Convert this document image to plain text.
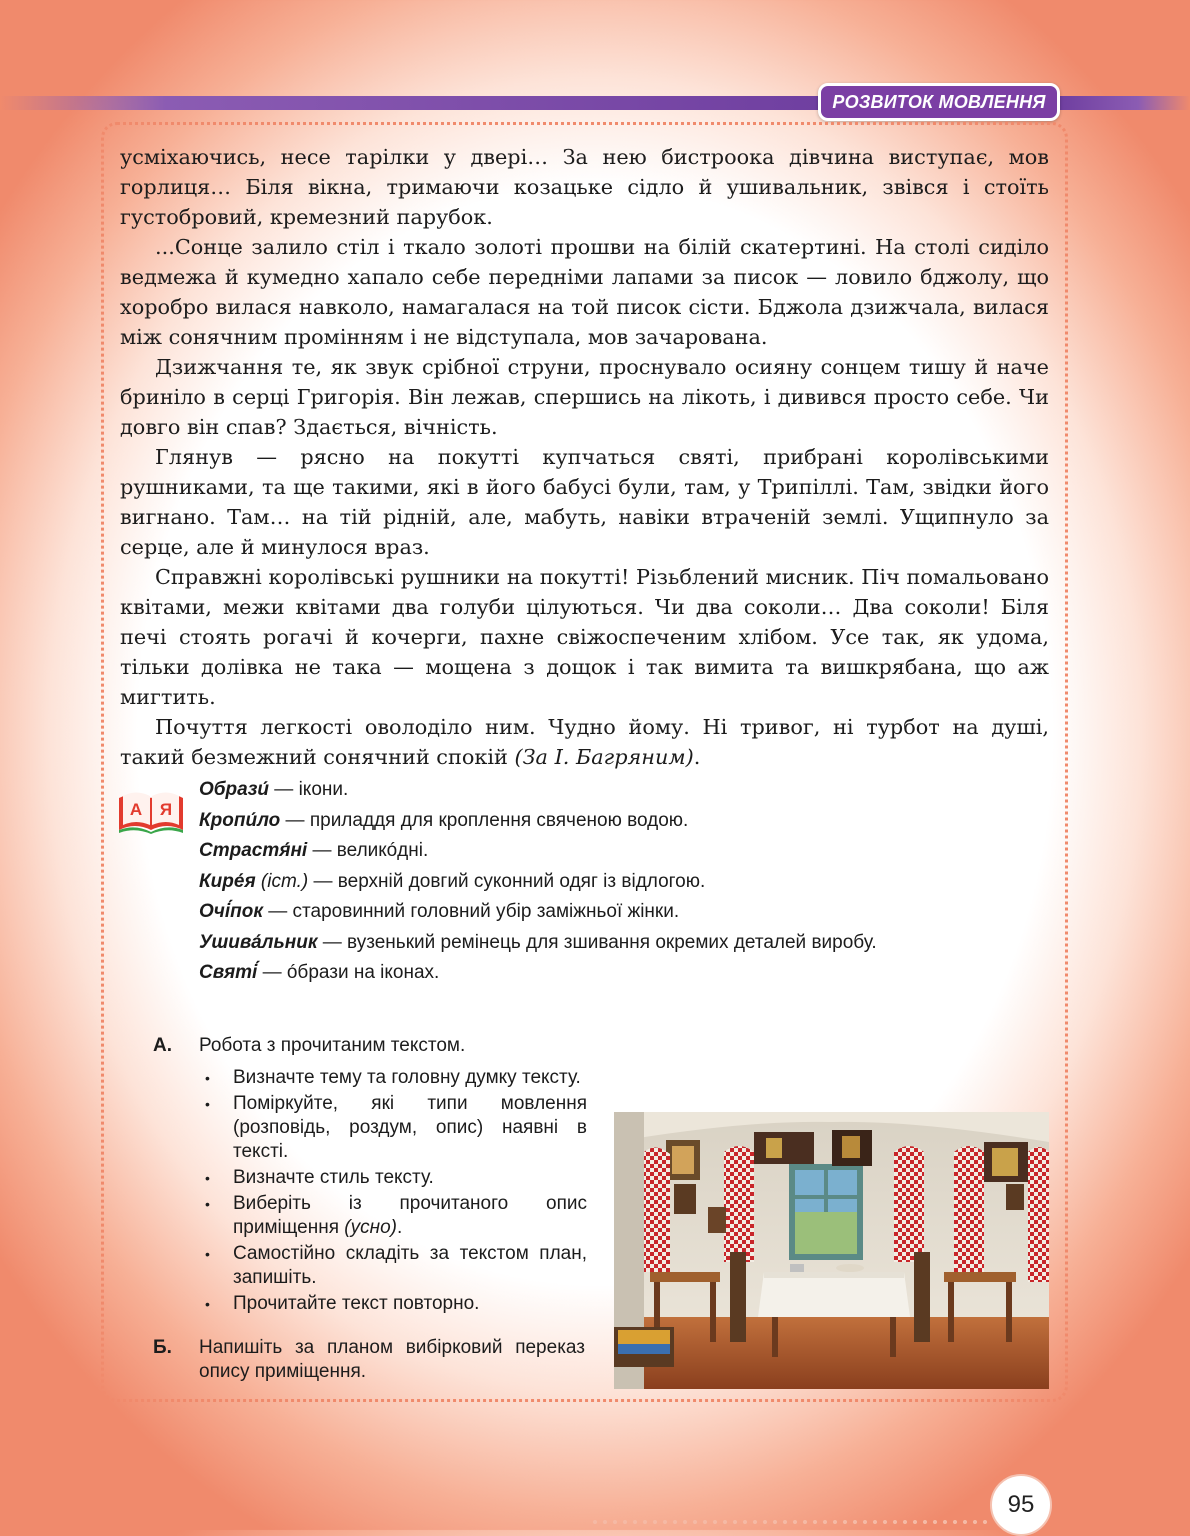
РОЗВИТОК МОВЛЕННЯ

усміхаючись, несе тарілки у двері… За нею бистроока дівчина виступає, мов горлиця… Біля вікна, тримаючи козацьке сідло й ушивальник, звівся і стоїть густобровий, кремезний парубок.

...Сонце залило стіл і ткало золоті прошви на білій скатертині. На столі сиділо ведмежа й кумедно хапало себе передніми лапами за писок — ловило бджолу, що хоробро вилася навколо, намагалася на той писок сісти. Бджола дзижчала, вилася між сонячним промінням і не відступала, мов зачарована.

Дзижчання те, як звук срібної струни, проснувало осияну сонцем тишу й наче бриніло в серці Григорія. Він лежав, спершись на лікоть, і дивився просто себе. Чи довго він спав? Здається, вічність.

Глянув — рясно на покутті купчаться святі, прибрані королівськими рушниками, та ще такими, які в його бабусі були, там, у Трипіллі. Там, звідки його вигнано. Там… на тій рідній, але, мабуть, навіки втраченій землі. Ущипнуло за серце, але й минулося враз.

Справжні королівські рушники на покутті! Різьблений мисник. Піч помальовано квітами, межи квітами два голуби цілуються. Чи два соколи… Два соколи! Біля печі стоять рогачі й кочерги, пахне свіжоспеченим хлібом. Усе так, як удома, тільки долівка не така — мощена з дощок і так вимита та вишкрябана, що аж мигтить.

Почуття легкості оволоділо ним. Чудно йому. Ні тривог, ні турбот на душі, такий безмежний сонячний спокій (За І. Багряним).

А Я
Образи́ — ікони.
Кропи́ло — приладдя для кроплення свяченою водою.
Страстя́ні — великóдні.
Кире́я (іст.) — верхній довгий суконний одяг із відлогою.
Очі́пок — старовинний головний убір заміжньої жінки.
Ушива́льник — вузенький ремінець для зшивання окремих деталей виробу.
Святі́ — óбрази на іконах.
А. Робота з прочитаним текстом.
• Визначте тему та головну думку тексту.
• Поміркуйте, які типи мовлення (розповідь, роздум, опис) наявні в тексті.
• Визначте стиль тексту.
• Виберіть із прочитаного опис приміщення (усно).
• Самостійно складіть за текстом план, запишіть.
• Прочитайте текст повторно.
Б. Напишіть за планом вибірковий переказ опису приміщення.
95
